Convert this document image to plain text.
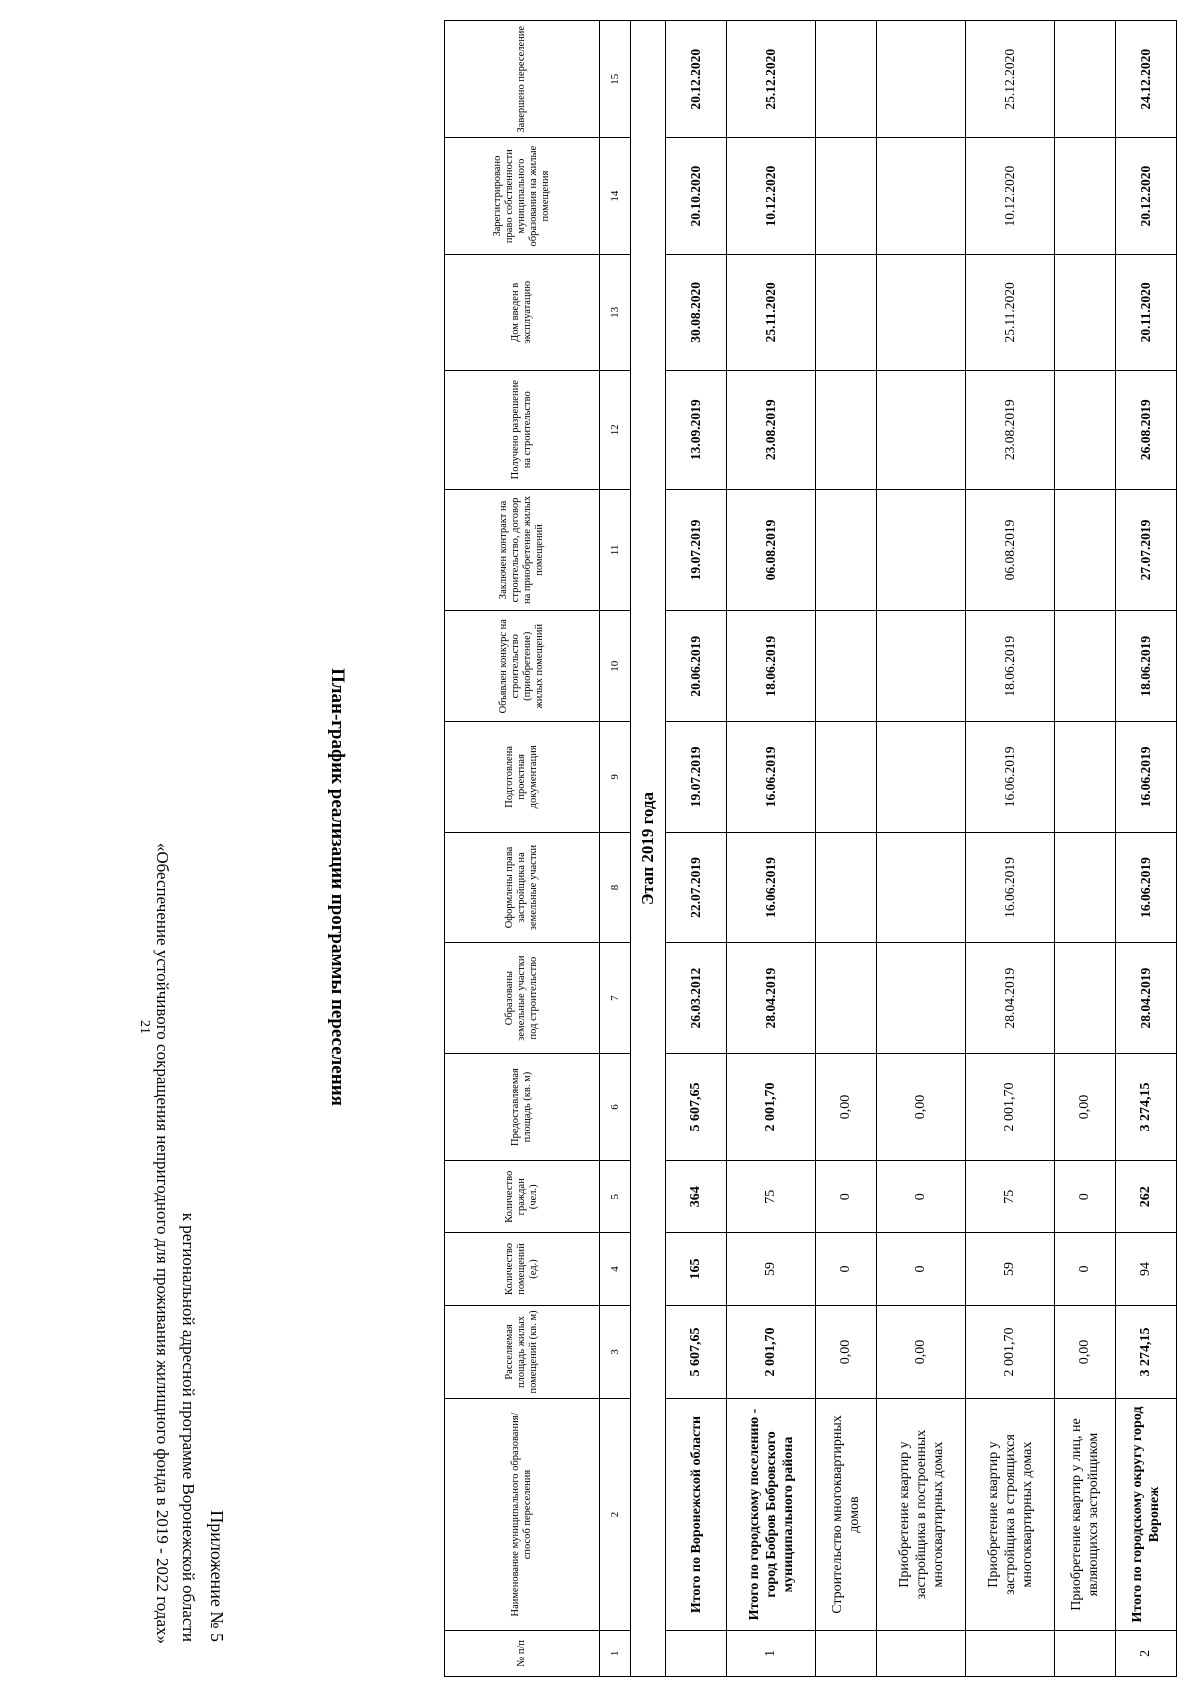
21
Приложение № 5
к региональной адресной программе Воронежской области
«Обеспечение устойчивого сокращения непригодного для проживания жилищного фонда в 2019 - 2022 годах»	План-график реализации программы переселения
№ п/п	Наименование муниципального образования/ способ переселения	Расселяемая площадь жилых помещений (кв. м)	Количество помещений (ед.)	Количество граждан (чел.)	Предоставляемая площадь (кв. м)	Образованы земельные участки под строительство	Оформлены права застройщика на земельные участки	Подготовлена проектная документация	Объявлен конкурс на строительство (приобретение) жилых помещений	Заключен контракт на строительство, договор на приобретение жилых помещений	Получено разрешение на строительство	Дом введен в эксплуатацию	Зарегистрировано право собственности муниципального образования на жилые помещения	Завершено переселение
1	2	3	4	5	6	7	8	9	10	11	12	13	14	15
Этап 2019 года														
	Итого по Воронежской области	5 607,65	165	364	5 607,65	26.03.2012	22.07.2019	19.07.2019	20.06.2019	19.07.2019	13.09.2019	30.08.2020	20.10.2020	20.12.2020
1	Итого по городскому поселению - город Бобров Бобровского муниципального района	2 001,70	59	75	2 001,70	28.04.2019	16.06.2019	16.06.2019	18.06.2019	06.08.2019	23.08.2019	25.11.2020	10.12.2020	25.12.2020
	Строительство многоквартирных домов	0,00	0	0	0,00									
	Приобретение квартир у застройщика в построенных многоквартирных домах	0,00	0	0	0,00									
	Приобретение квартир у застройщика в строящихся многоквартирных домах	2 001,70	59	75	2 001,70	28.04.2019	16.06.2019	16.06.2019	18.06.2019	06.08.2019	23.08.2019	25.11.2020	10.12.2020	25.12.2020
	Приобретение квартир у лиц, не являющихся застройщиком	0,00	0	0	0,00									
2	Итого по городскому округу город Воронеж	3 274,15	94	262	3 274,15	28.04.2019	16.06.2019	16.06.2019	18.06.2019	27.07.2019	26.08.2019	20.11.2020	20.12.2020	24.12.2020
